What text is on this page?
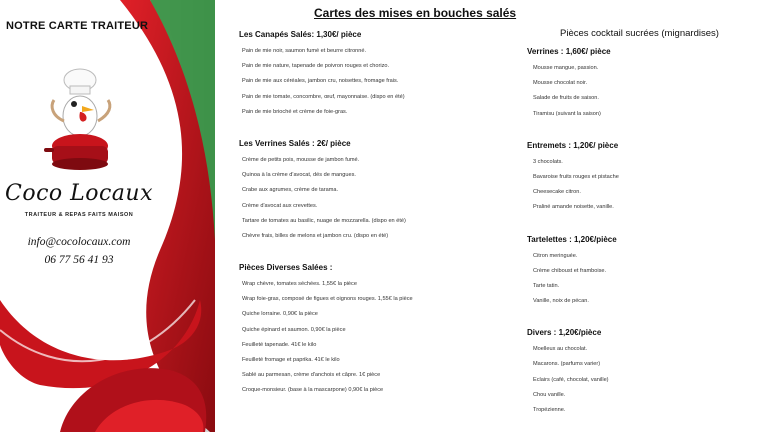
NOTRE CARTE TRAITEUR
Coco Locaux
TRAITEUR & REPAS FAITS MAISON
info@cocolocaux.com
06 77 56 41 93
Cartes des mises en bouches salés
Les Canapés Salés: 1,30€/ pièce
Pain de mie noir, saumon fumé et beurre citronné.
Pain de mie nature, tapenade de poivron rouges et chorizo.
Pain de mie aux céréales, jambon cru, noisettes, fromage frais.
Pain de mie tomate, concombre, œuf, mayonnaise. (dispo en été)
Pain de mie brioché et crème de foie-gras.
Les Verrines Salés : 2€/ pièce
Crème de petits pois, mousse de jambon fumé.
Quinoa à la crème d'avocat, dés de mangues.
Crabe aux agrumes, crème de tarama.
Crème d'avocat aux crevettes.
Tartare de tomates au basilic, nuage de mozzarella. (dispo en été)
Chèvre frais, billes de melons et jambon cru. (dispo en été)
Pièces Diverses Salées :
Wrap chèvre, tomates séchées. 1,55€ la pièce
Wrap foie-gras, composé de figues et oignons rouges. 1,55€ la pièce
Quiche lorraine. 0,90€ la pièce
Quiche épinard et saumon. 0,90€ la pièce
Feuilleté tapenade. 41€ le kilo
Feuilleté fromage et paprika. 41€ le kilo
Sablé au parmesan, crème d'anchois et câpre. 1€ pièce
Croque-monsieur. (base à la mascarpone) 0,90€ la pièce
Pièces cocktail sucrées (mignardises)
Verrines : 1,60€/ pièce
Mousse mangue, passion.
Mousse chocolat noir.
Salade de fruits de saison.
Tiramisu (suivant la saison)
Entremets : 1,20€/ pièce
3 chocolats.
Bavaroise fruits rouges et pistache
Cheesecake citron.
Praliné amande noisette, vanille.
Tartelettes : 1,20€/pièce
Citron meringuée.
Crème chiboust et framboise.
Tarte tatin.
Vanille, noix de pécan.
Divers : 1,20€/pièce
Moelleux au chocolat.
Macarons. (parfums varier)
Eclairs (café, chocolat, vanille)
Chou vanille.
Tropézienne.
